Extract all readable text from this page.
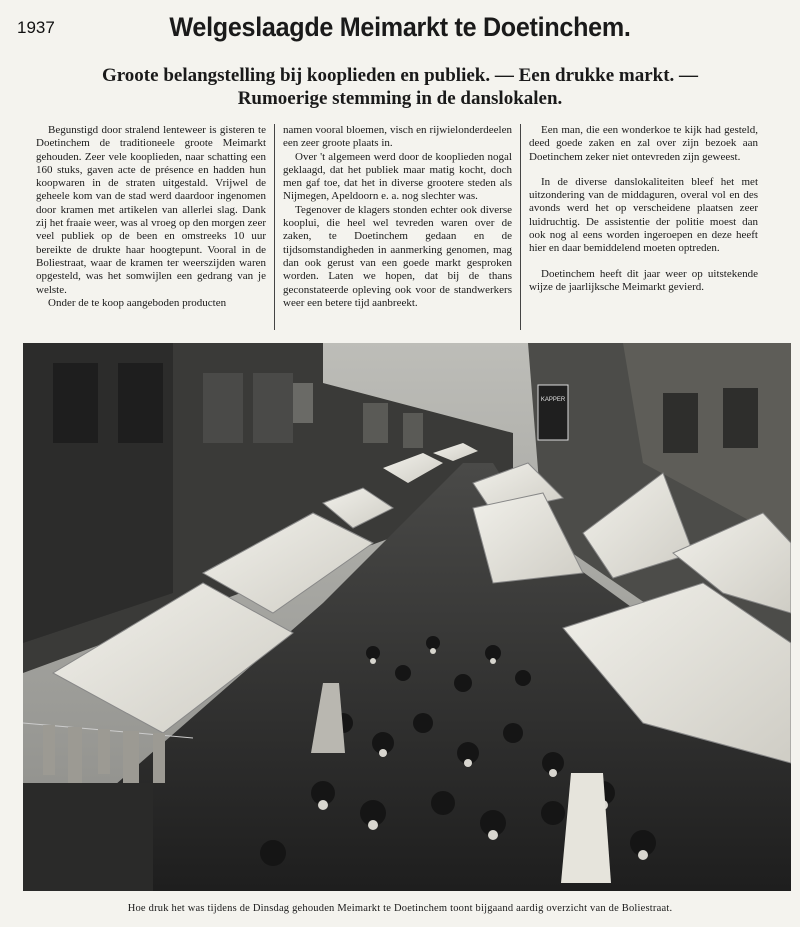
1937	Welgeslaagde Meimarkt te Doetinchem.
Groote belangstelling bij kooplieden en publiek. — Een drukke markt. —
Rumoerige stemming in de danslokalen.

Begunstigd door stralend lenteweer is gisteren te Doetinchem de traditioneele groote Meimarkt gehouden. Zeer vele kooplieden, naar schatting een 160 stuks, gaven acte de présence en hadden hun koopwaren in de straten uitgestald. Vrijwel de geheele kom van de stad werd daardoor ingenomen door kramen met artikelen van allerlei slag. Dank zij het fraaie weer, was al vroeg op den morgen zeer veel publiek op de been en omstreeks 10 uur bereikte de drukte haar hoogtepunt. Vooral in de Boliestraat, waar de kramen ter weerszijden waren opgesteld, was het somwijlen een gedrang van je welste.

Onder de te koop aangeboden producten

namen vooral bloemen, visch en rijwielonderdeelen een zeer groote plaats in.

Over 't algemeen werd door de kooplieden nogal geklaagd, dat het publiek maar matig kocht, doch men gaf toe, dat het in diverse grootere steden als Nijmegen, Apeldoorn e. a. nog slechter was.

Tegenover de klagers stonden echter ook diverse kooplui, die heel wel tevreden waren over de zaken, te Doetinchem gedaan en de tijdsomstandigheden in aanmerking genomen, mag dan ook gerust van een goede markt gesproken worden. Laten we hopen, dat bij de thans geconstateerde opleving ook voor de standwerkers weer een betere tijd aanbreekt.

Een man, die een wonderkoe te kijk had gesteld, deed goede zaken en zal over zijn bezoek aan Doetinchem zeker niet ontevreden zijn geweest.

In de diverse danslokaliteiten bleef het met uitzondering van de middaguren, overal vol en des avonds werd het op verscheidene plaatsen zeer luidruchtig. De assistentie der politie moest dan ook nog al eens worden ingeroepen en deze heeft hier en daar bemiddelend moeten optreden.

Doetinchem heeft dit jaar weer op uitstekende wijze de jaarlijksche Meimarkt gevierd.

KAPPER
Hoe druk het was tijdens de Dinsdag gehouden Meimarkt te Doetinchem toont bijgaand aardig overzicht van de Boliestraat.
